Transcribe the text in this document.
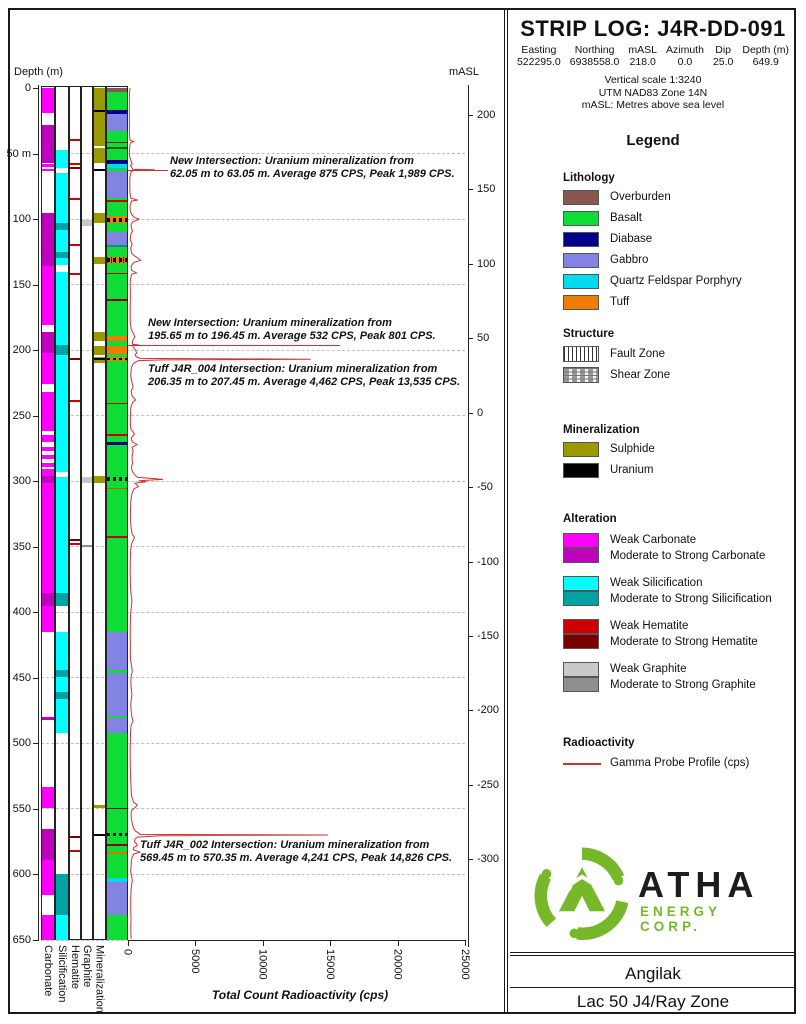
Depth (m)	mASL
0
50 m
100
150
200
250
300
350
400
450
500
550
600
650
200
150
100
50
0
-50
-100
-150
-200
-250
-300
0	5000	10000	15000	20000	25000
Carbonate Silicification Hematite Graphite Mineralization
New Intersection: Uranium mineralization from
62.05 m to 63.05 m. Average 875 CPS, Peak 1,989 CPS.
New Intersection: Uranium mineralization from
195.65 m to 196.45 m. Average 532 CPS, Peak 801 CPS.
Tuff J4R_004 Intersection: Uranium mineralization from
206.35 m to 207.45 m. Average 4,462 CPS, Peak 13,535 CPS.
Tuff J4R_002 Intersection: Uranium mineralization from
569.45 m to 570.35 m. Average 4,241 CPS, Peak 14,826 CPS.
Total Count Radioactivity (cps)
STRIP LOG: J4R-DD-091
Easting
522295.0
Northing
6938558.0
mASL
218.0
Azimuth
0.0
Dip
25.0
Depth (m)
649.9
Vertical scale 1:3240
UTM NAD83 Zone 14N
mASL: Metres above sea level
Legend
Lithology
Overburden
Basalt
Diabase
Gabbro
Quartz Feldspar Porphyry
Tuff
Structure
Fault Zone
Shear Zone
Mineralization
Sulphide
Uranium
Alteration
Weak Carbonate
Moderate to Strong Carbonate
Weak Silicification
Moderate to Strong Silicification
Weak Hematite
Moderate to Strong Hematite
Weak Graphite
Moderate to Strong Graphite
Radioactivity
Gamma Probe Profile (cps)
ATHA
ENERGY CORP.
Angilak
Lac 50 J4/Ray Zone
